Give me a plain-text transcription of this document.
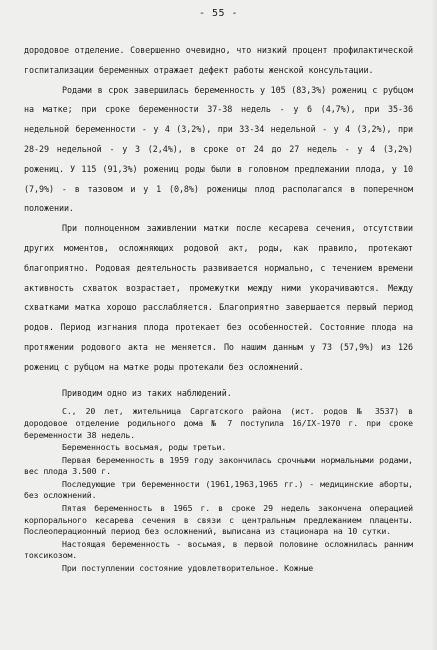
- 55 -

дородовое отделение. Совершенно очевидно, что низкий процент профилактической госпитализации беременных отражает дефект работы женской консультации.

Родами в срок завершилась беременность у 105 (83,3%) рожениц с рубцом на матке; при сроке беременности 37-38 недель - у 6 (4,7%), при 35-36 недельной беременности - у 4 (3,2%), при 33-34 недельной - у 4 (3,2%), при 28-29 недельной - у 3 (2,4%), в сроке от 24 до 27 недель - у 4 (3,2%) рожениц. У 115 (91,3%) рожениц роды были в головном предлежании плода, у 10 (7,9%) - в тазовом и у 1 (0,8%) роженицы плод располагался в поперечном положении.

При полноценном заживлении матки после кесарева сечения, отсутствии других моментов, осложняющих родовой акт, роды, как правило, протекают благоприятно. Родовая деятельность развивается нормально, с течением времени активность схваток возрастает, промежутки между ними укорачиваются. Между схватками матка хорошо расслабляется. Благоприятно завершается первый период родов. Период изгнания плода протекает без особенностей. Состояние плода на протяжении родового акта не меняется. По нашим данным у 73 (57,9%) из 126 рожениц с рубцом на матке роды протекали без осложнений.

Приводим одно из таких наблюдений.

С., 20 лет, жительница Саргатского района (ист. родов № 3537) в дородовое отделение родильного дома № 7 поступила 16/IX-1970 г. при сроке беременности 38 недель.

Беременность восьмая, роды третьи.

Первая беременность в 1959 году закончилась срочными нормальными родами, вес плода 3.500 г.

Последующие три беременности (1961,1963,1965 гг.) - медицинские аборты, без осложнений.

Пятая беременность в 1965 г. в сроке 29 недель закончена операцией корпорального кесарева сечения в связи с центральным предлежанием плаценты. Послеоперационный период без осложнений, выписана из стационара на 10 сутки.

Настоящая беременность - восьмая, в первой половине осложнилась ранним токсикозом.

При поступлении состояние удовлетворительное. Кожные
